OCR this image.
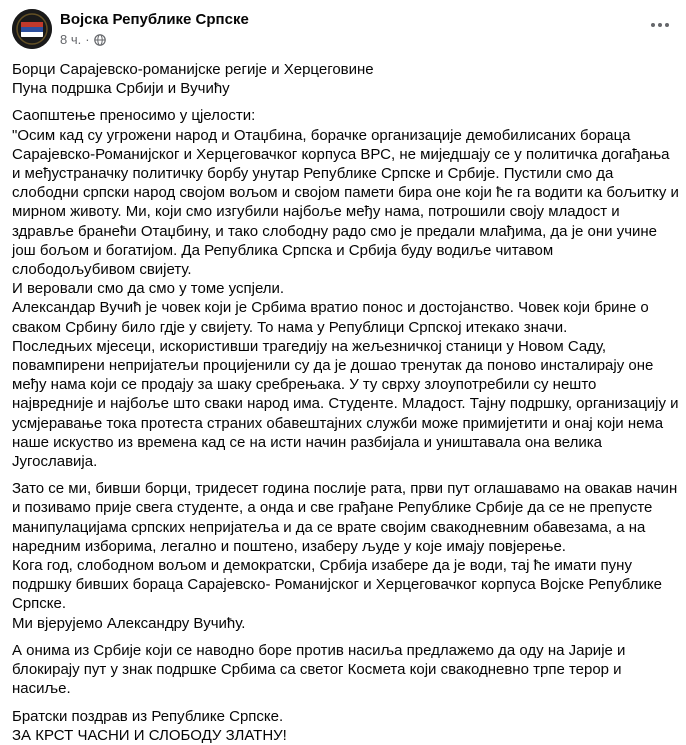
Војска Републике Српске
8 ч. ·

Борци Сарајевско-романијске регије и Херцеговине
Пуна подршка Србији и Вучићу

Саопштење преносимо у цјелости:
"Осим кад су угрожени народ и Отаџбина, борачке организације демобилисаних бораца Сарајевско-Романијског и Херцеговачког корпуса ВРС, не миједшају се у политичка догађања и међустраначку политичку борбу унутар Републике Српске и Србије. Пустили смо да слободни српски народ својом вољом и својом памети бира оне који ће га водити ка бољитку и мирном животу. Ми, који смо изгубили најбоље међу нама, потрошили своју младост и здравље бранећи Отаџбину, и тако слободну радо смо је предали млађима, да је они учине још бољом и богатијом. Да Република Српска и Србија буду водиље читавом слободољубивом свијету.
И веровали смо да смо у томе успјели.
Александар Вучић је човек који је Србима вратио понос и достојанство. Човек који брине о сваком Србину било гдје у свијету. То нама у Републици Српској итекако значи.
Последњих мјесеци, искористивши трагедију на жељезничкој станици у Новом Саду, повампирени непријатељи процијенили су да је дошао тренутак да поново инсталирају оне међу нама који се продају за шаку сребрењака. У ту сврху злоупотребили су нешто највредније и најбоље што сваки народ има. Студенте. Младост. Тајну подршку, организацију и усмјеравање тока протеста страних обавештајних служби може примијетити и онај који нема наше искуство из времена кад се на исти начин разбијала и уништавала она велика Југославија.

Зато се ми, бивши борци, тридесет година послије рата, први пут оглашавамо на овакав начин и позивамо прије свега студенте, а онда и све грађане Републике Србије да се не препусте манипулацијама српских непријатеља и да се врате својим свакодневним обавезама, а на наредним изборима, легално и поштено, изаберу људе у које имају повјерење.
Кога год, слободном вољом и демократски, Србија изабере да је води, тај ће имати пуну подршку бивших бораца Сарајевско- Романијског и Херцеговачког корпуса Војске Републике Српске.
Ми вјерујемо Александру Вучићу.

А онима из Србије који се наводно боре против насиља предлажемо да оду на Јарије и блокирају пут у знак подршке Србима са светог Космета који свакодневно трпе терор и насиље.

Братски поздрав из Републике Српске.
ЗА КРСТ ЧАСНИ И СЛОБОДУ ЗЛАТНУ!
